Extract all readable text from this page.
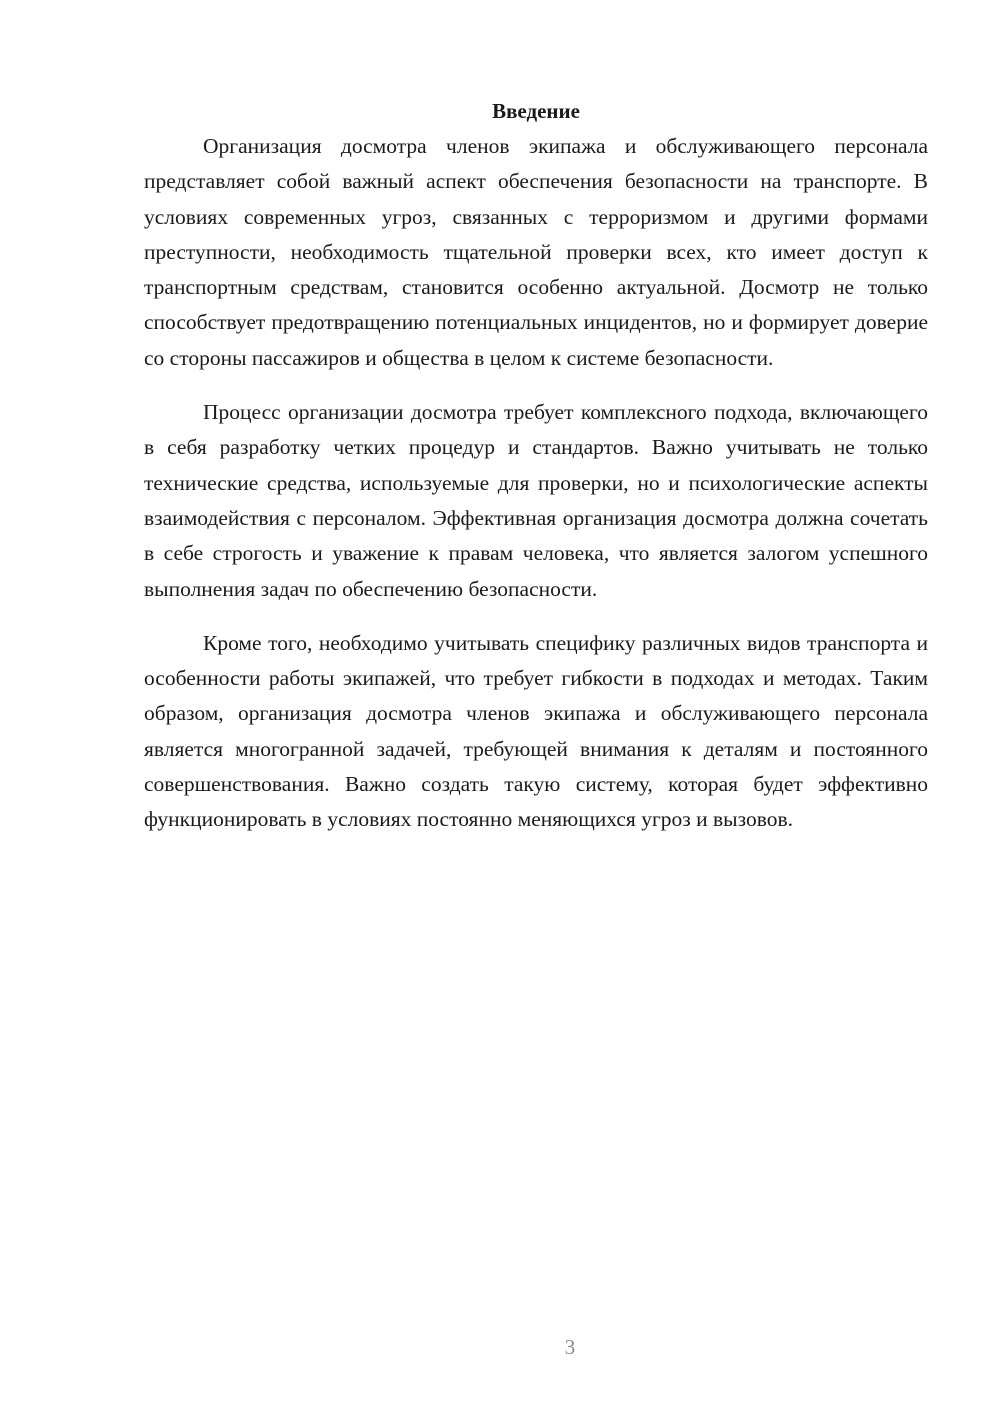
Введение

Организация досмотра членов экипажа и обслуживающего персонала представляет собой важный аспект обеспечения безопасности на транспорте. В условиях современных угроз, связанных с терроризмом и другими формами преступности, необходимость тщательной проверки всех, кто имеет доступ к транспортным средствам, становится особенно актуальной. Досмотр не только способствует предотвращению потенциальных инцидентов, но и формирует доверие со стороны пассажиров и общества в целом к системе безопасности.

Процесс организации досмотра требует комплексного подхода, включающего в себя разработку четких процедур и стандартов. Важно учитывать не только технические средства, используемые для проверки, но и психологические аспекты взаимодействия с персоналом. Эффективная организация досмотра должна сочетать в себе строгость и уважение к правам человека, что является залогом успешного выполнения задач по обеспечению безопасности.

Кроме того, необходимо учитывать специфику различных видов транспорта и особенности работы экипажей, что требует гибкости в подходах и методах. Таким образом, организация досмотра членов экипажа и обслуживающего персонала является многогранной задачей, требующей внимания к деталям и постоянного совершенствования. Важно создать такую систему, которая будет эффективно функционировать в условиях постоянно меняющихся угроз и вызовов.

3
